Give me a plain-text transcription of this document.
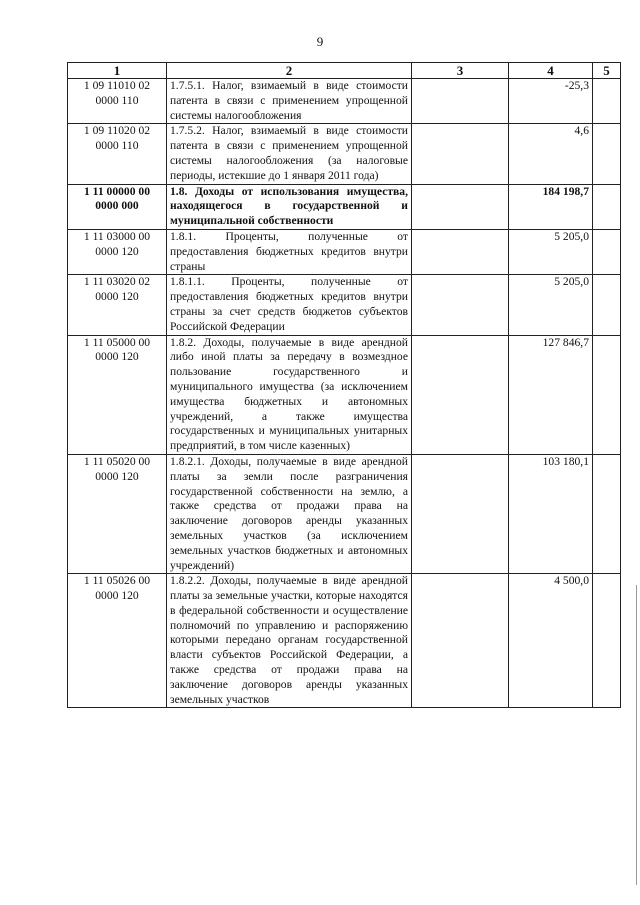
9
1	2	3	4	5
1 09 11010 02 0000 110	1.7.5.1. Налог, взимаемый в виде стоимости патента в связи с применением упрощенной системы налогообложения		-25,3	
1 09 11020 02 0000 110	1.7.5.2. Налог, взимаемый в виде стоимости патента в связи с применением упрощенной системы налогообложения (за налоговые периоды, истекшие до 1 января 2011 года)		4,6	
1 11 00000 00 0000 000	1.8. Доходы от использования имущества, находящегося в государственной и муниципальной собственности		184 198,7	
1 11 03000 00 0000 120	1.8.1. Проценты, полученные от предоставления бюджетных кредитов внутри страны		5 205,0	
1 11 03020 02 0000 120	1.8.1.1. Проценты, полученные от предоставления бюджетных кредитов внутри страны за счет средств бюджетов субъектов Российской Федерации		5 205,0	
1 11 05000 00 0000 120	1.8.2. Доходы, получаемые в виде арендной либо иной платы за передачу в возмездное пользование государственного и муниципального имущества (за исключением имущества бюджетных и автономных учреждений, а также имущества государственных и муниципальных унитарных предприятий, в том числе казенных)		127 846,7	
1 11 05020 00 0000 120	1.8.2.1. Доходы, получаемые в виде арендной платы за земли после разграничения государственной собственности на землю, а также средства от продажи права на заключение договоров аренды указанных земельных участков (за исключением земельных участков бюджетных и автономных учреждений)		103 180,1	
1 11 05026 00 0000 120	1.8.2.2. Доходы, получаемые в виде арендной платы за земельные участки, которые находятся в федеральной собственности и осуществление полномочий по управлению и распоряжению которыми передано органам государственной власти субъектов Российской Федерации, а также средства от продажи права на заключение договоров аренды указанных земельных участков		4 500,0	
